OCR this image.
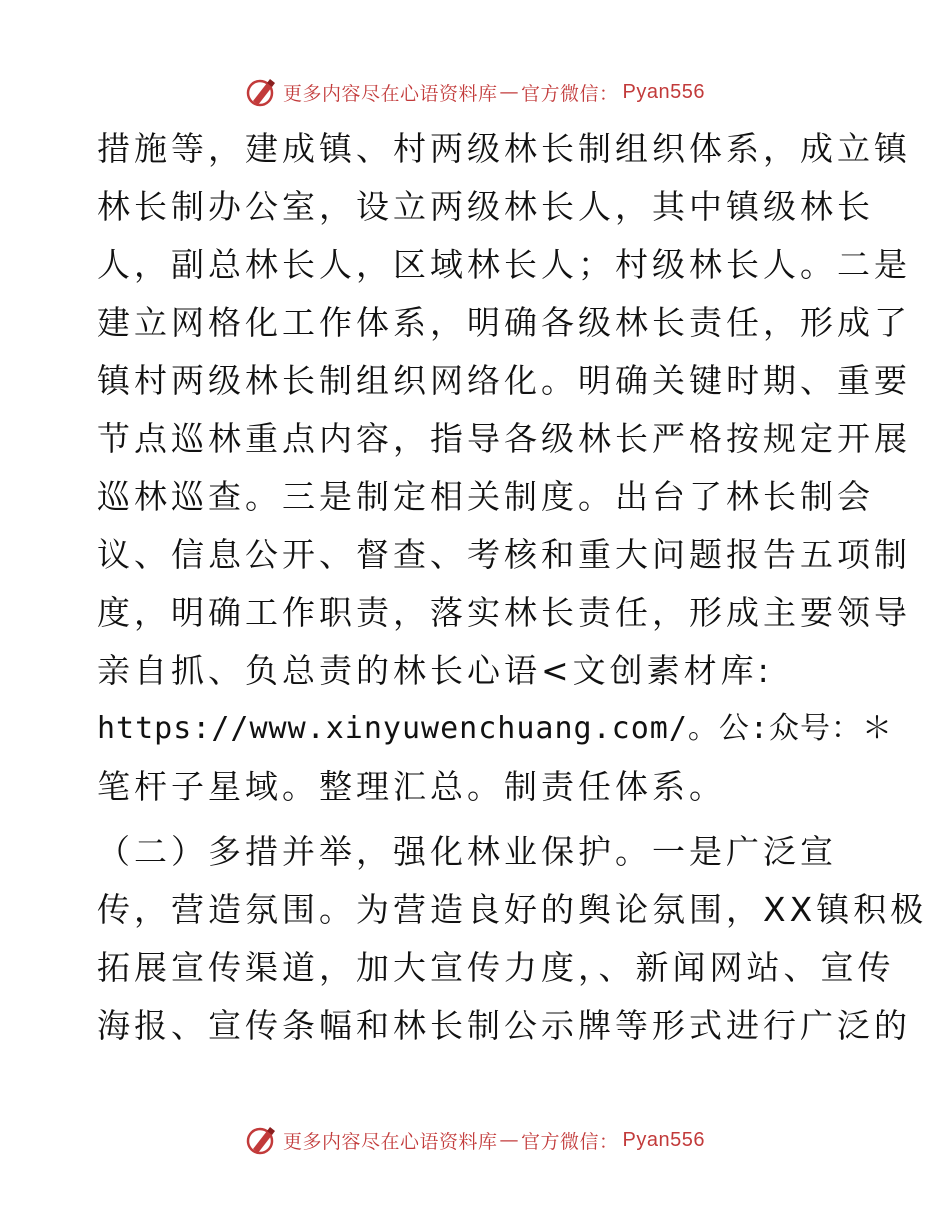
更多内容尽在心语资料库 — 官方微信： Pyan556
措施等，建成镇、村两级林长制组织体系，成立镇
林长制办公室，设立两级林长人，其中镇级林长
人，副总林长人，区域林长人；村级林长人。二是
建立网格化工作体系，明确各级林长责任，形成了
镇村两级林长制组织网络化。明确关键时期、重要
节点巡林重点内容，指导各级林长严格按规定开展
巡林巡查。三是制定相关制度。出台了林长制会
议、信息公开、督查、考核和重大问题报告五项制
度，明确工作职责，落实林长责任，形成主要领导
亲自抓、负总责的林长心语<文创素材库:
https://www.xinyuwenchuang.com/。公:众号：＊
笔杆子星域。整理汇总。制责任体系。
（二）多措并举，强化林业保护。一是广泛宣
传，营造氛围。为营造良好的舆论氛围，XX镇积极
拓展宣传渠道，加大宣传力度，、新闻网站、宣传
海报、宣传条幅和林长制公示牌等形式进行广泛的
更多内容尽在心语资料库 — 官方微信： Pyan556
